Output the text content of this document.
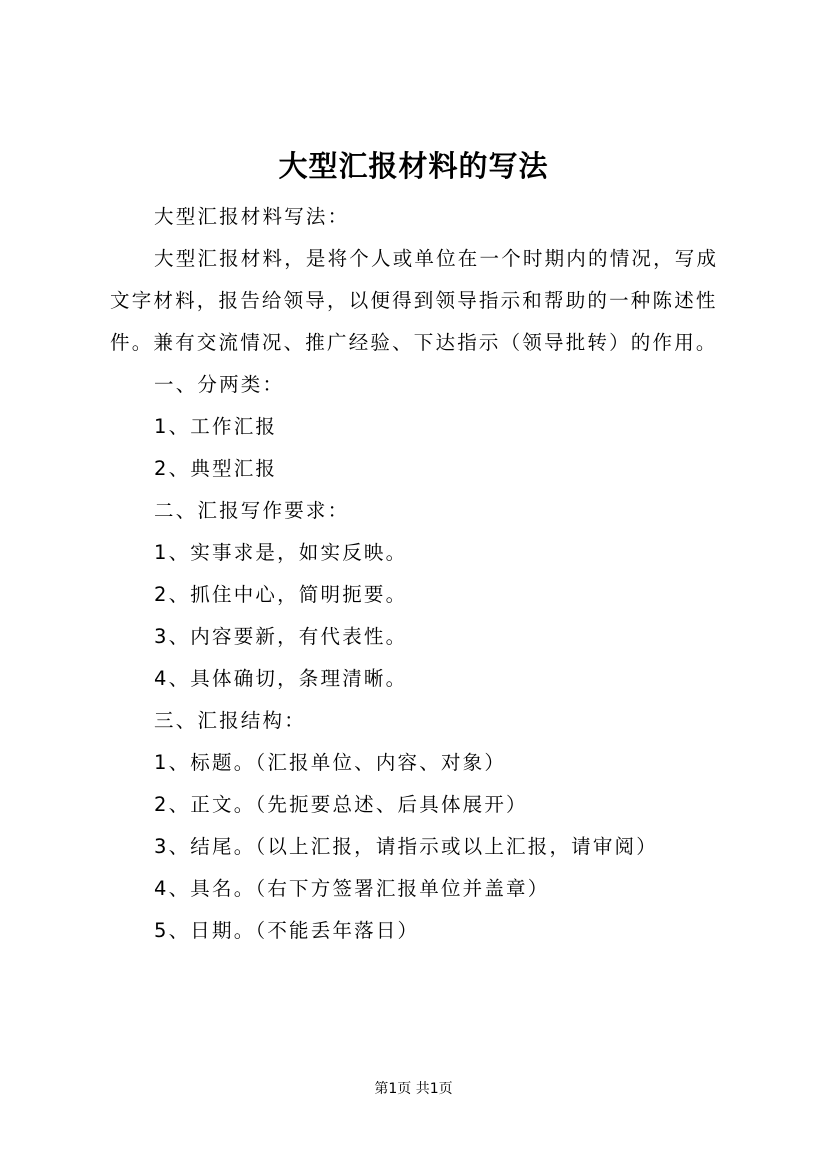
大型汇报材料的写法
大型汇报材料写法：
大型汇报材料，是将个人或单位在一个时期内的情况，写成
文字材料，报告给领导，以便得到领导指示和帮助的一种陈述性
件。兼有交流情况、推广经验、下达指示（领导批转）的作用。
一、分两类：
1、工作汇报
2、典型汇报
二、汇报写作要求：
1、实事求是，如实反映。
2、抓住中心，简明扼要。
3、内容要新，有代表性。
4、具体确切，条理清晰。
三、汇报结构：
1、标题。（汇报单位、内容、对象）
2、正文。（先扼要总述、后具体展开）
3、结尾。（以上汇报，请指示或以上汇报，请审阅）
4、具名。（右下方签署汇报单位并盖章）
5、日期。（不能丢年落日）
第1页 共1页
